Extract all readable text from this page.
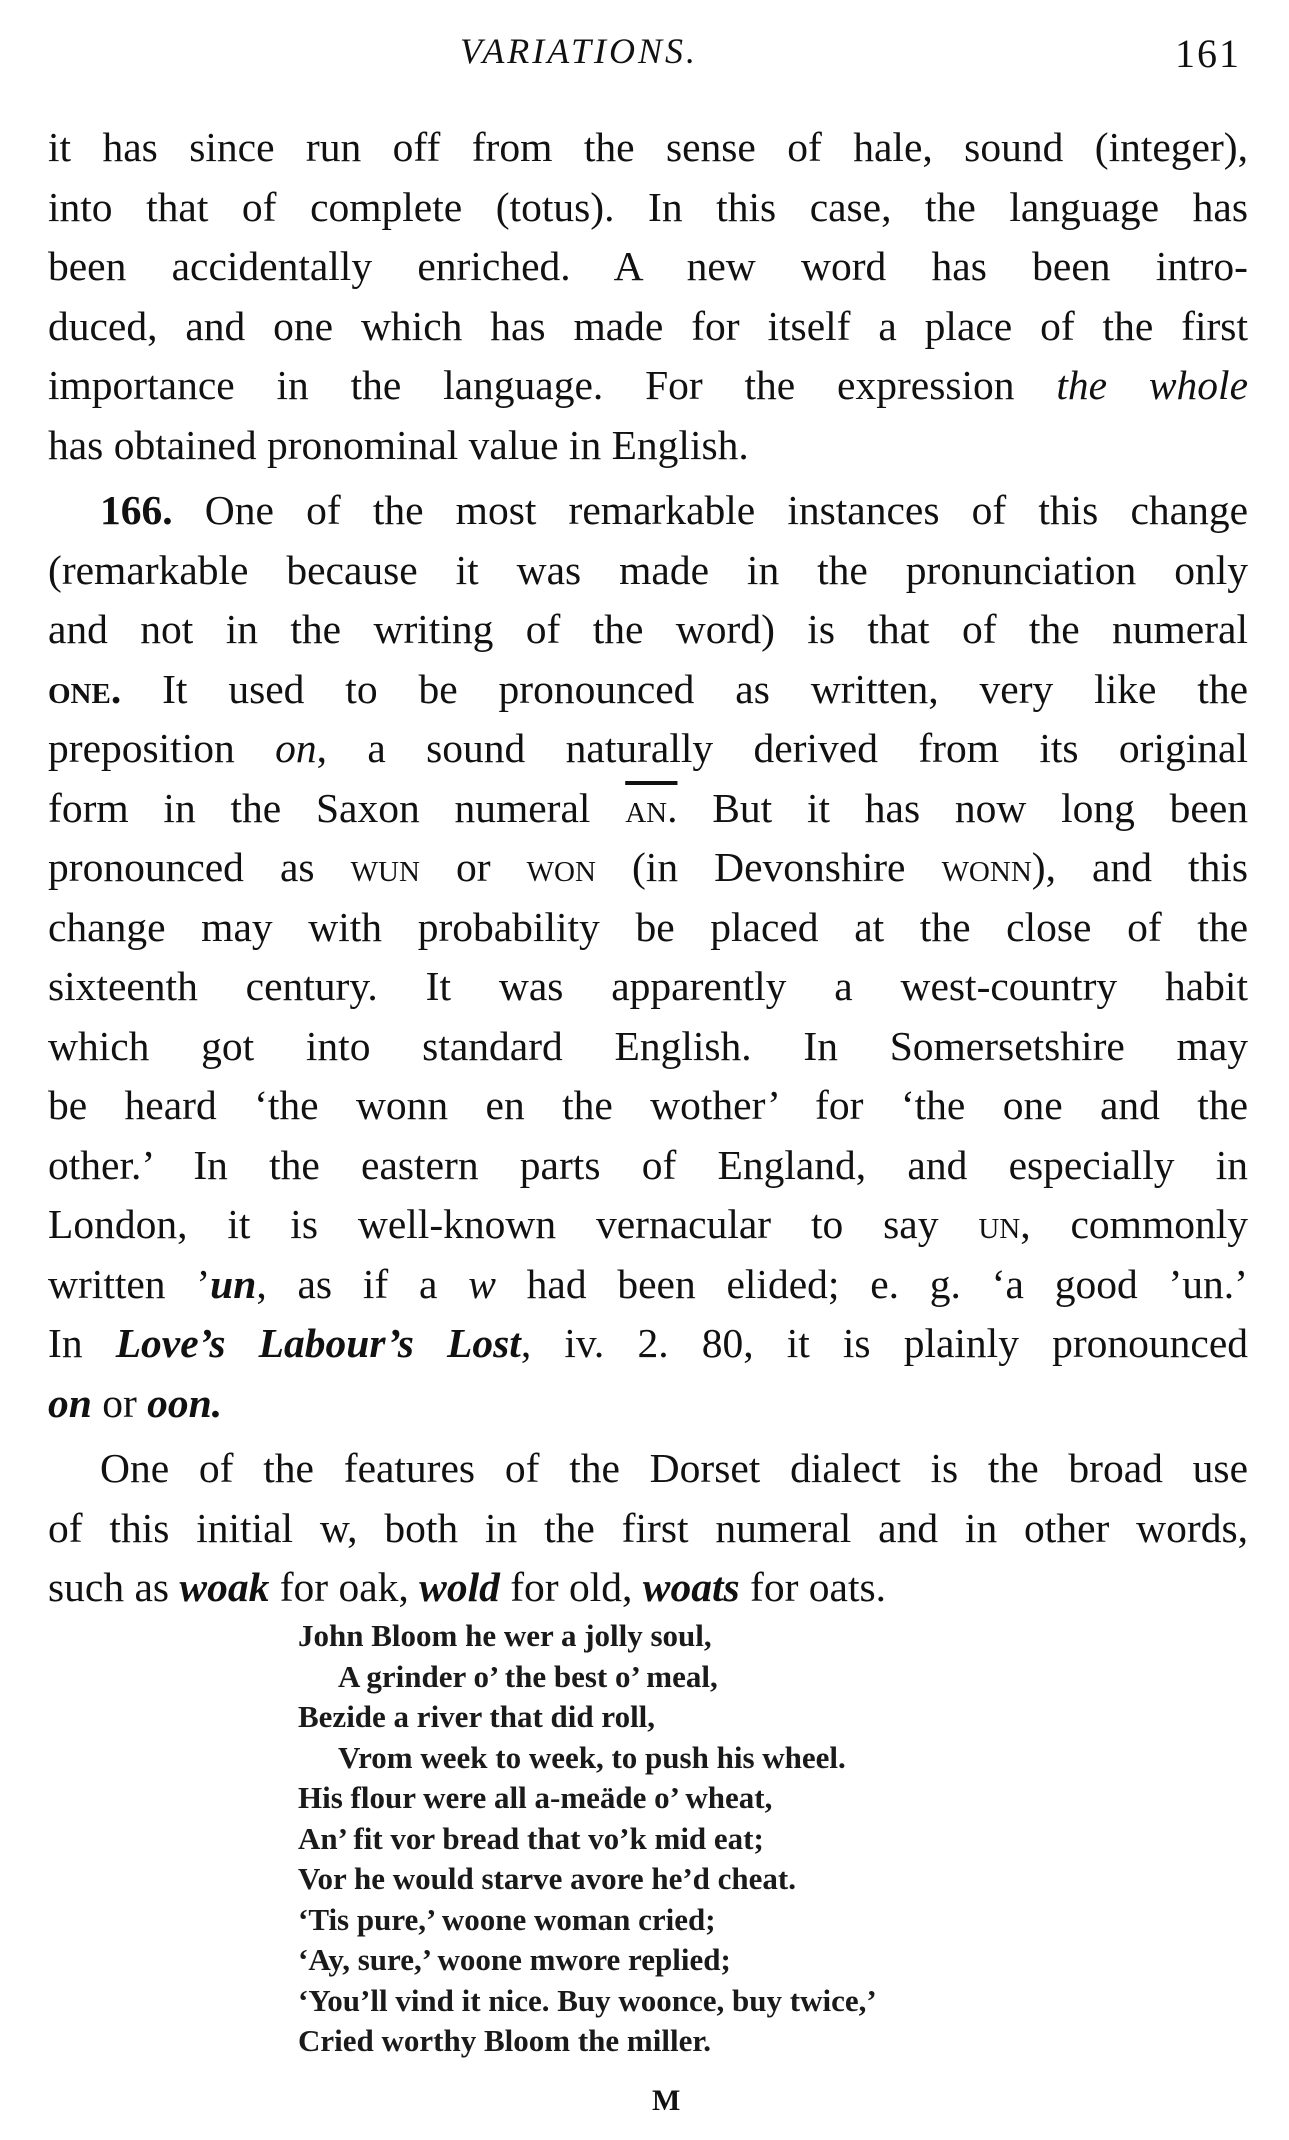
VARIATIONS.	161
it has since run off from the sense of hale, sound (integer),
into that of complete (totus). In this case, the language has
been accidentally enriched. A new word has been intro-
duced, and one which has made for itself a place of the first
importance in the language. For the expression the whole
has obtained pronominal value in English.
166. One of the most remarkable instances of this change
(remarkable because it was made in the pronunciation only
and not in the writing of the word) is that of the numeral
one. It used to be pronounced as written, very like the
preposition on, a sound naturally derived from its original
form in the Saxon numeral an. But it has now long been
pronounced as wun or won (in Devonshire wonn), and this
change may with probability be placed at the close of the
sixteenth century. It was apparently a west-country habit
which got into standard English. In Somersetshire may
be heard ‘the wonn en the wother’ for ‘the one and the
other.’ In the eastern parts of England, and especially in
London, it is well-known vernacular to say un, commonly
written ’un, as if a w had been elided; e. g. ‘a good ’un.’
In Love’s Labour’s Lost, iv. 2. 80, it is plainly pronounced
on or oon.
One of the features of the Dorset dialect is the broad use
of this initial w, both in the first numeral and in other words,
such as woak for oak, wold for old, woats for oats.
John Bloom he wer a jolly soul,
A grinder o’ the best o’ meal,
Bezide a river that did roll,
Vrom week to week, to push his wheel.
His flour were all a-meäde o’ wheat,
An’ fit vor bread that vo’k mid eat;
Vor he would starve avore he’d cheat.
‘Tis pure,’ woone woman cried;
‘Ay, sure,’ woone mwore replied;
‘You’ll vind it nice. Buy woonce, buy twice,’
Cried worthy Bloom the miller.
M
